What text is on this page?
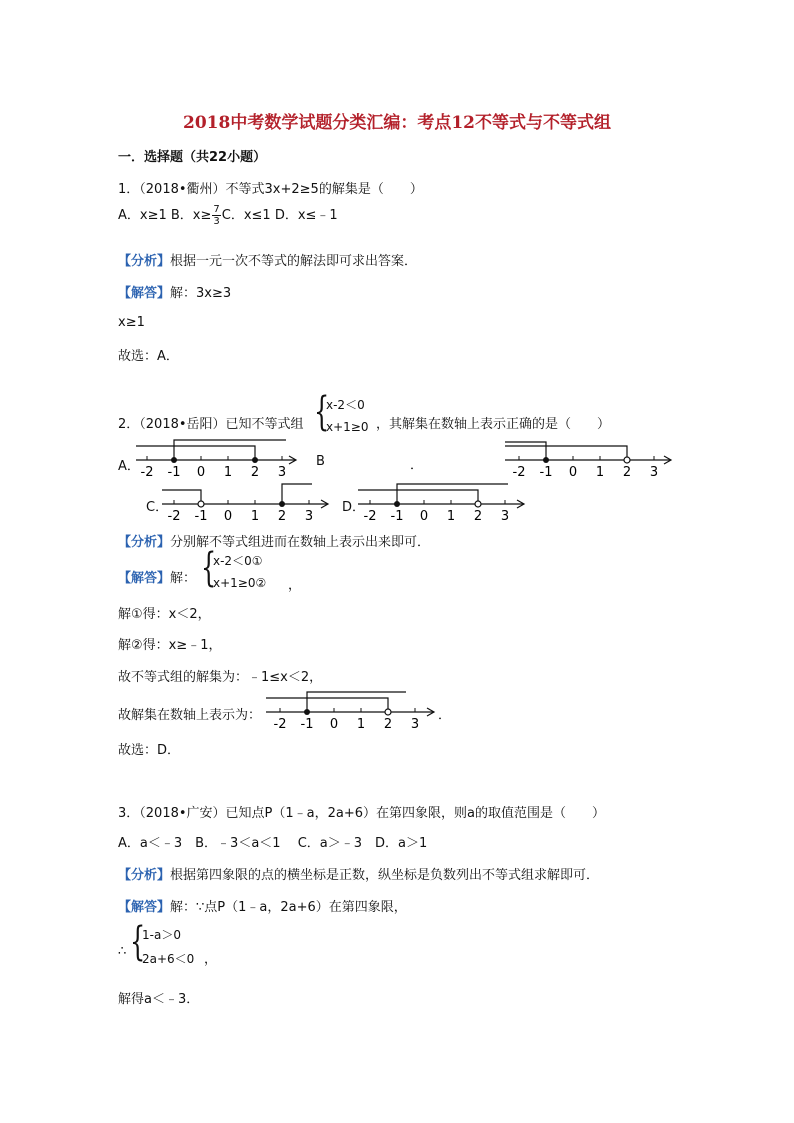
2018中考数学试题分类汇编：考点12不等式与不等式组
一．选择题（共22小题）
1．（2018•衢州）不等式3x+2≥5的解集是（　　）
A．x≥1 B．$x\ge \frac{7}{3}$ C．x≤1 D．x≤﹣1
【分析】根据一元一次不等式的解法即可求出答案．
【解答】解：3x≥3
x≥1
故选：A．
2．（2018•岳阳）已知不等式组 {
x-2＜0
x+1≥0 ，其解集在数轴上表示正确的是（　　）
A． -2 -1 0 1 2 3
B	．	-2 -1 0 1 2 3
C．
-2 -1 0 1 2 3
D．
-2 -1 0 1 2 3
【分析】分别解不等式组进而在数轴上表示出来即可．
【解答】解： {
x-2＜0①
x+1≥0② ，
解①得：x＜2，
解②得：x≥﹣1，
故不等式组的解集为：﹣1≤x＜2，
故解集在数轴上表示为：
-2 -1 0 1 2 3
．
故选：D．
3．（2018•广安）已知点P（1﹣a，2a+6）在第四象限，则a的取值范围是（　　）
A．a＜﹣3　B．﹣3＜a＜1　 C．a＞﹣3　D．a＞1
【分析】根据第四象限的点的横坐标是正数，纵坐标是负数列出不等式组求解即可．
【解答】解：∵点P（1﹣a，2a+6）在第四象限，
∴ {
1-a＞0
2a+6＜0 ，
解得a＜﹣3．
